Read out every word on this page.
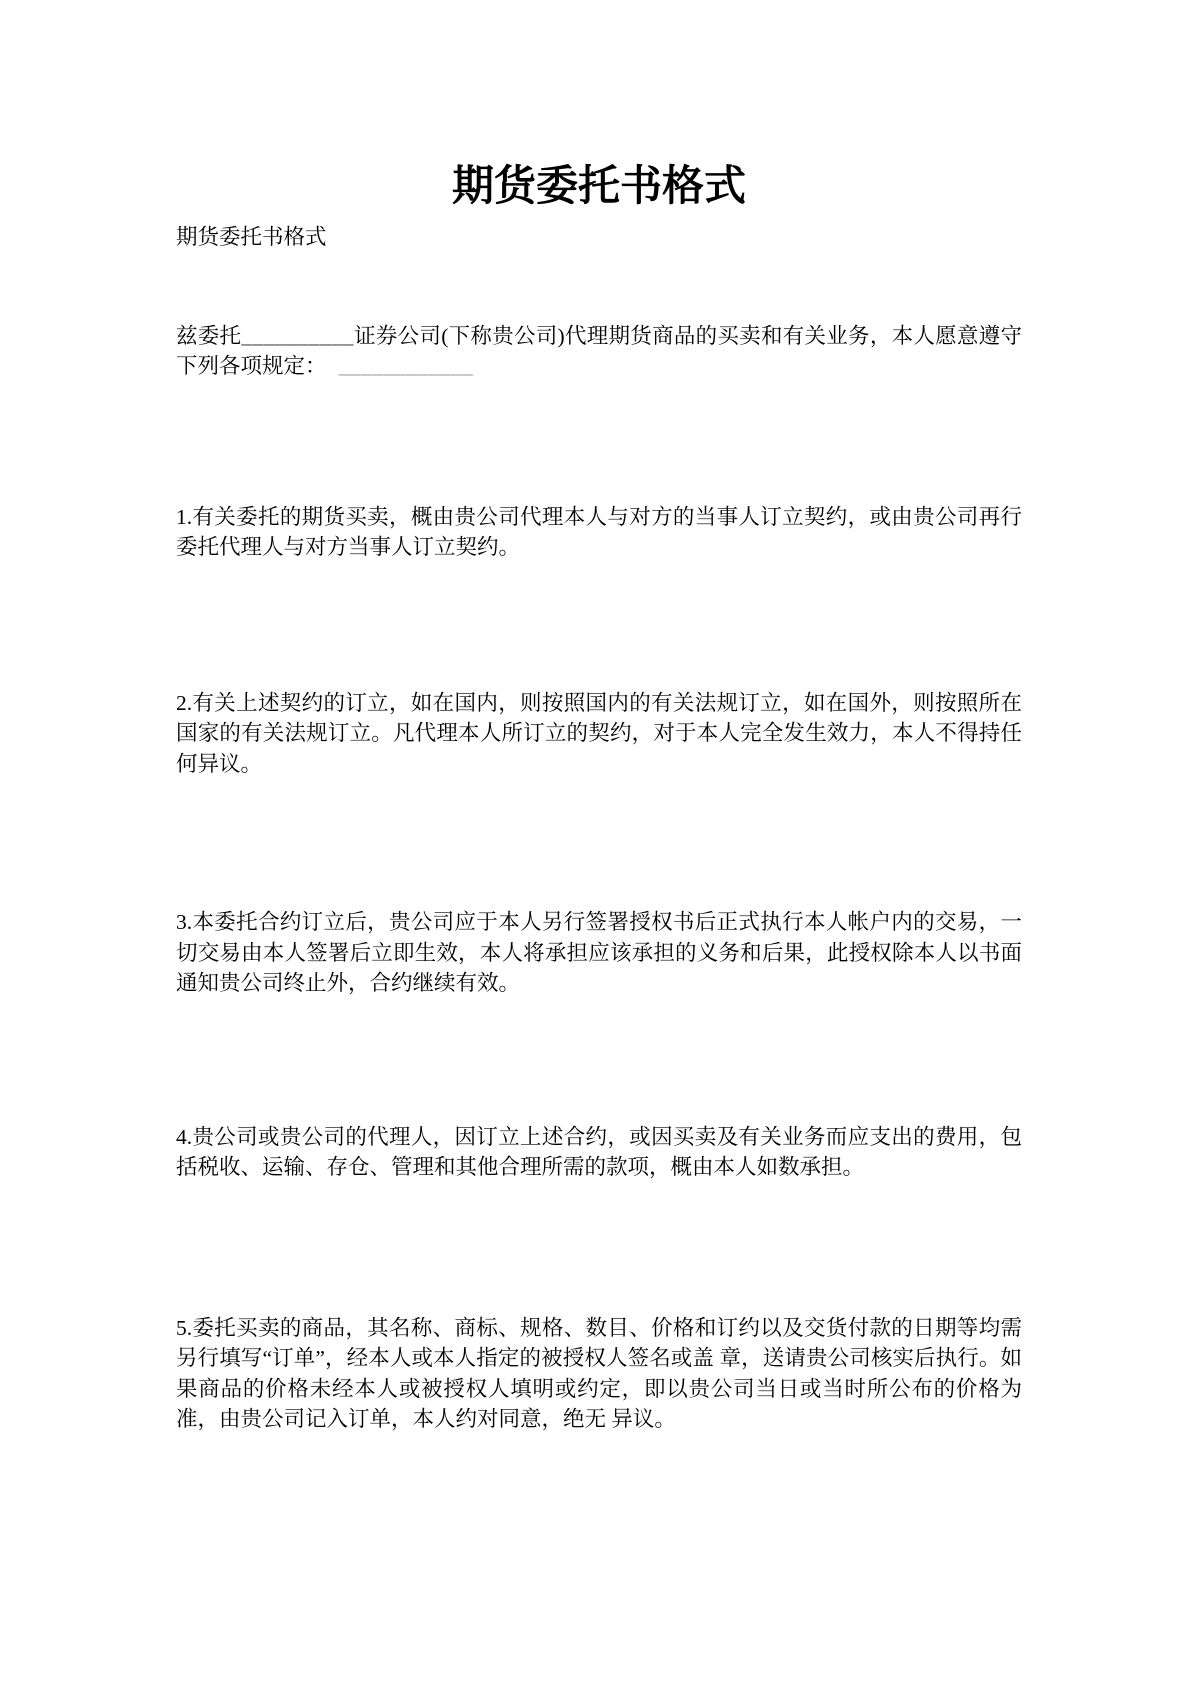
期货委托书格式

期货委托书格式

兹委托__________证券公司(下称贵公司)代理期货商品的买卖和有关业务，本人愿意遵守下列各项规定： ____________

1.有关委托的期货买卖，概由贵公司代理本人与对方的当事人订立契约，或由贵公司再行委托代理人与对方当事人订立契约。

2.有关上述契约的订立，如在国内，则按照国内的有关法规订立，如在国外，则按照所在国家的有关法规订立。凡代理本人所订立的契约，对于本人完全发生效力，本人不得持任何异议。

3.本委托合约订立后，贵公司应于本人另行签署授权书后正式执行本人帐户内的交易，一切交易由本人签署后立即生效，本人将承担应该承担的义务和后果，此授权除本人以书面通知贵公司终止外，合约继续有效。

4.贵公司或贵公司的代理人，因订立上述合约，或因买卖及有关业务而应支出的费用，包括税收、运输、存仓、管理和其他合理所需的款项，概由本人如数承担。

5.委托买卖的商品，其名称、商标、规格、数目、价格和订约以及交货付款的日期等均需另行填写“订单”，经本人或本人指定的被授权人签名或盖 章，送请贵公司核实后执行。如果商品的价格未经本人或被授权人填明或约定，即以贵公司当日或当时所公布的价格为准，由贵公司记入订单，本人约对同意，绝无 异议。
